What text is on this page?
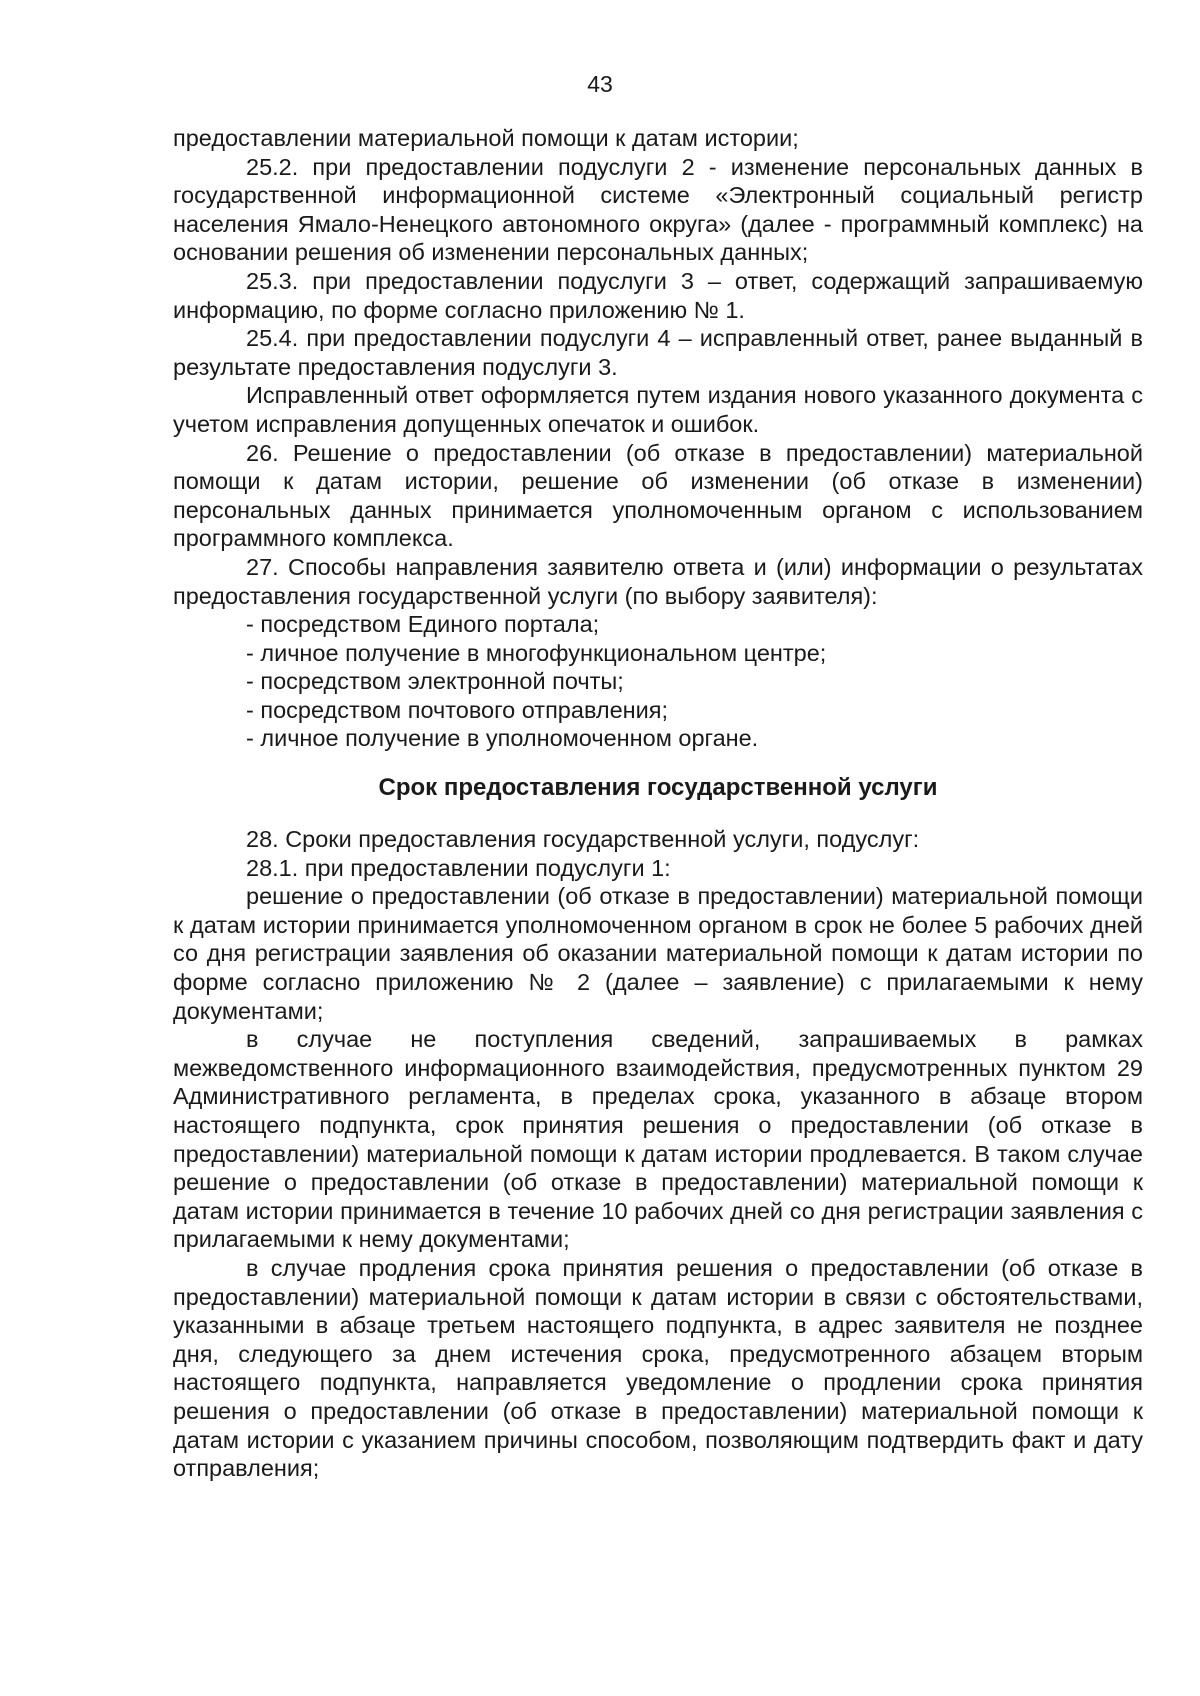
43

предоставлении материальной помощи к датам истории;

25.2. при предоставлении подуслуги 2 - изменение персональных данных в государственной информационной системе «Электронный социальный регистр населения Ямало-Ненецкого автономного округа» (далее - программный комплекс) на основании решения об изменении персональных данных;

25.3. при предоставлении подуслуги 3 – ответ, содержащий запрашиваемую информацию, по форме согласно приложению № 1.

25.4. при предоставлении подуслуги 4 – исправленный ответ, ранее выданный в результате предоставления подуслуги 3.

Исправленный ответ оформляется путем издания нового указанного документа с учетом исправления допущенных опечаток и ошибок.

26. Решение о предоставлении (об отказе в предоставлении) материальной помощи к датам истории, решение об изменении (об отказе в изменении) персональных данных принимается уполномоченным органом с использованием программного комплекса.

27. Способы направления заявителю ответа и (или) информации о результатах предоставления государственной услуги (по выбору заявителя):

- посредством Единого портала;

- личное получение в многофункциональном центре;

- посредством электронной почты;

- посредством почтового отправления;

- личное получение в уполномоченном органе.

Срок предоставления государственной услуги

28. Сроки предоставления государственной услуги, подуслуг:

28.1. при предоставлении подуслуги 1:

решение о предоставлении (об отказе в предоставлении) материальной помощи к датам истории принимается уполномоченном органом в срок не более 5 рабочих дней со дня регистрации заявления об оказании материальной помощи к датам истории по форме согласно приложению № 2 (далее – заявление) с прилагаемыми к нему документами;

в случае не поступления сведений, запрашиваемых в рамках межведомственного информационного взаимодействия, предусмотренных пунктом 29 Административного регламента, в пределах срока, указанного в абзаце втором настоящего подпункта, срок принятия решения о предоставлении (об отказе в предоставлении) материальной помощи к датам истории продлевается. В таком случае решение о предоставлении (об отказе в предоставлении) материальной помощи к датам истории принимается в течение 10 рабочих дней со дня регистрации заявления с прилагаемыми к нему документами;

в случае продления срока принятия решения о предоставлении (об отказе в предоставлении) материальной помощи к датам истории в связи с обстоятельствами, указанными в абзаце третьем настоящего подпункта, в адрес заявителя не позднее дня, следующего за днем истечения срока, предусмотренного абзацем вторым настоящего подпункта, направляется уведомление о продлении срока принятия решения о предоставлении (об отказе в предоставлении) материальной помощи к датам истории с указанием причины способом, позволяющим подтвердить факт и дату отправления;
